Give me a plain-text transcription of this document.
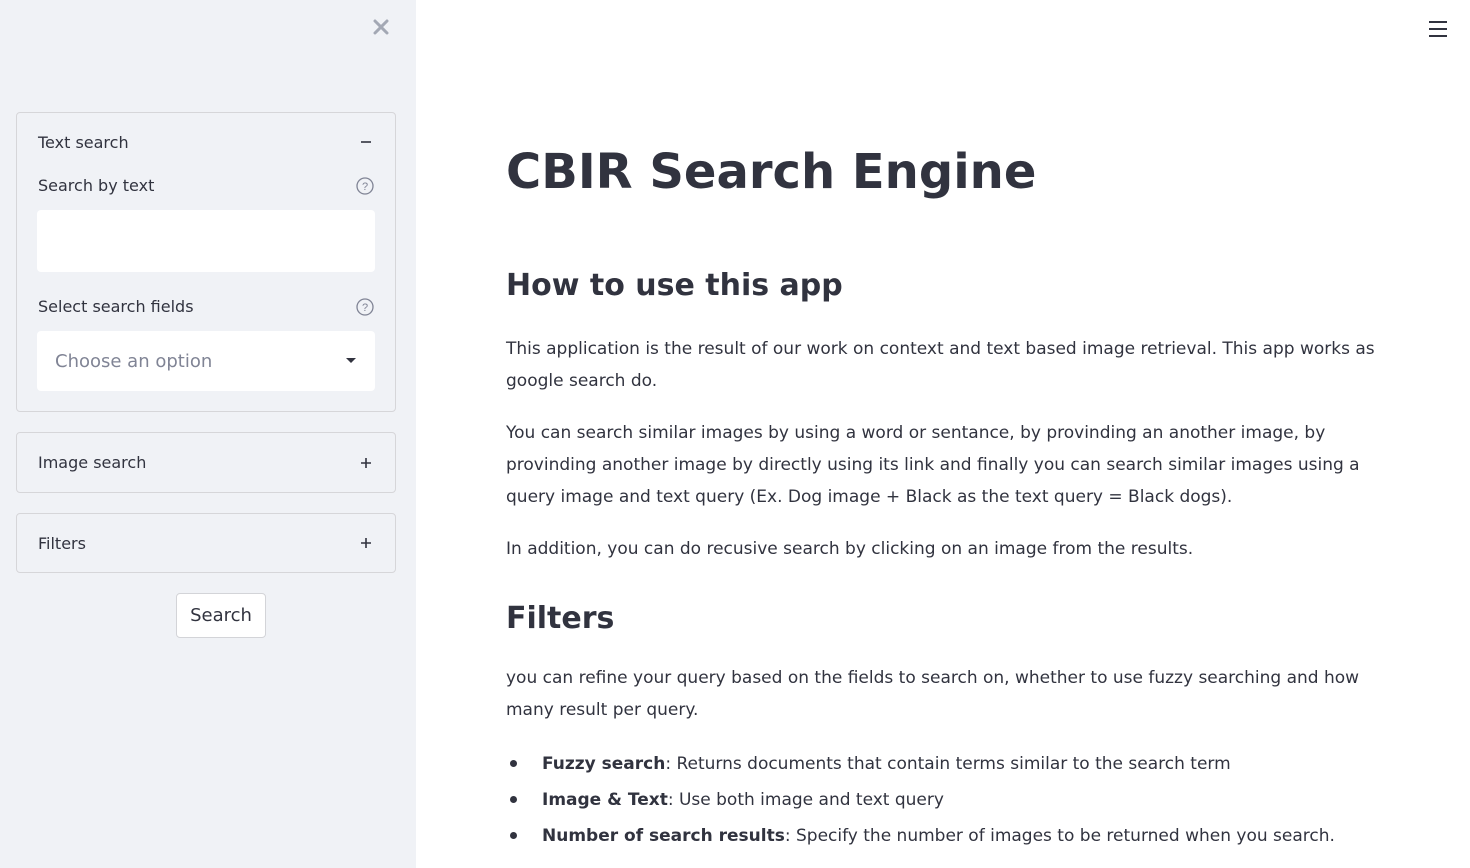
Text search
Search by text	?
Select search fields	?
Choose an option
Image search
Filters
Search
CBIR Search Engine
How to use this app

This application is the result of our work on context and text based image retrieval. This app works as google search do.

You can search similar images by using a word or sentance, by provinding an another image, by provinding another image by directly using its link and finally you can search similar images using a query image and text query (Ex. Dog image + Black as the text query = Black dogs).

In addition, you can do recusive search by clicking on an image from the results.

Filters

you can refine your query based on the fields to search on, whether to use fuzzy searching and how many result per query.

Fuzzy search: Returns documents that contain terms similar to the search term
Image & Text: Use both image and text query
Number of search results: Specify the number of images to be returned when you search.
